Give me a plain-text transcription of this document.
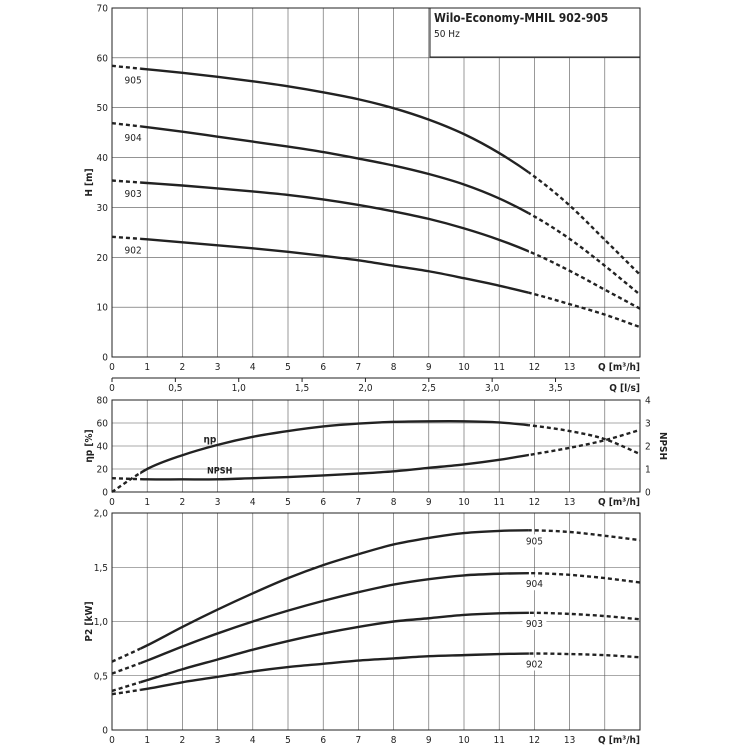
0
10
20
30
40
50
60
70
0	1	2	3	4	5	6	7	8	9	10 11 12 13 Q [m³/h]
H [m]
0	0,5	1,0	1,5	2,0	2,5	3,0	3,5	Q [l/s]
905
904
903
902
0
20
40
60
80
0	1	2	3	4	5	6	7	8	9	10 11 12 13 Q [m³/h]
ηp [%]
0
1
2
3
4
NPSH
ηp
NPSH
0
0,5
1,0
1,5
2,0
0	1	2	3	4	5	6	7	8	9	10 11 12 13 Q [m³/h]
P2 [kW]
905
904
903
902
Wilo-Economy-MHIL 902-905
50 Hz
